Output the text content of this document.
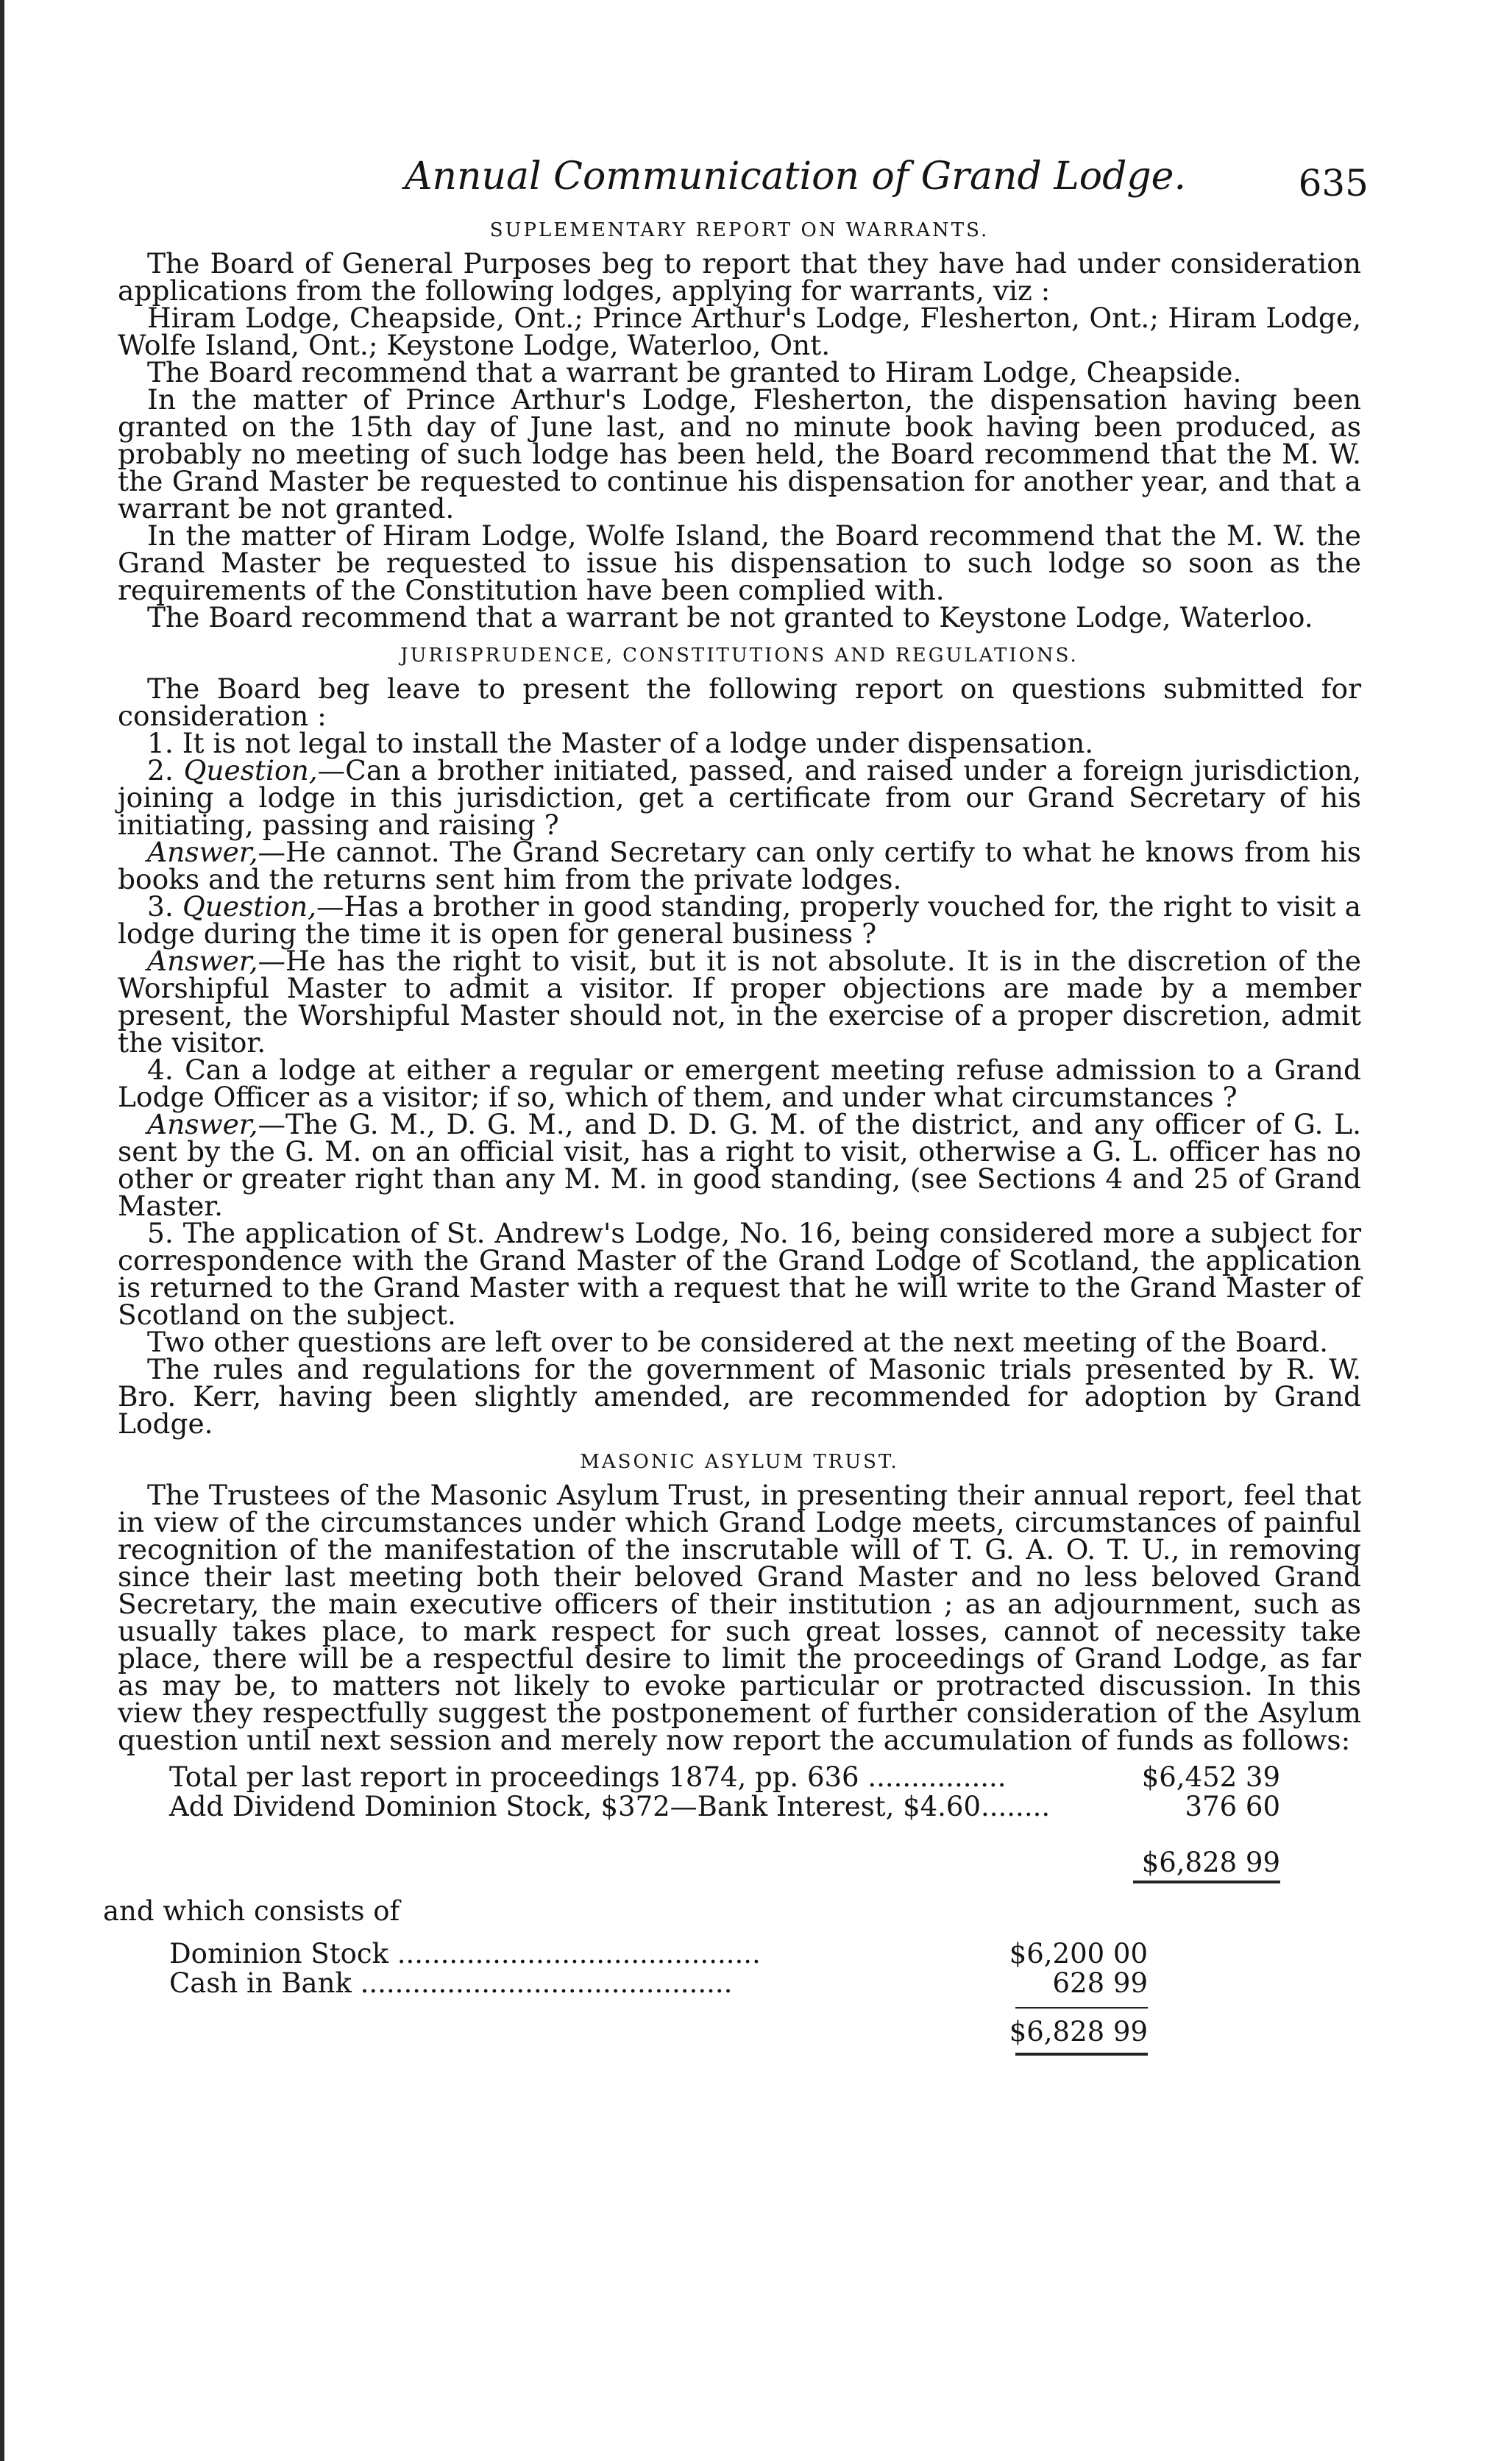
Annual Communication of Grand Lodge.	635
SUPLEMENTARY REPORT ON WARRANTS.

The Board of General Purposes beg to report that they have had under consideration applications from the following lodges, applying for warrants, viz :

Hiram Lodge, Cheapside, Ont.; Prince Arthur's Lodge, Flesherton, Ont.; Hiram Lodge, Wolfe Island, Ont.; Keystone Lodge, Waterloo, Ont.

The Board recommend that a warrant be granted to Hiram Lodge, Cheapside.

In the matter of Prince Arthur's Lodge, Flesherton, the dispensation having been granted on the 15th day of June last, and no minute book having been produced, as probably no meeting of such lodge has been held, the Board recommend that the M. W. the Grand Master be requested to continue his dispensation for another year, and that a warrant be not granted.

In the matter of Hiram Lodge, Wolfe Island, the Board recommend that the M. W. the Grand Master be requested to issue his dispensation to such lodge so soon as the requirements of the Constitution have been complied with.

The Board recommend that a warrant be not granted to Keystone Lodge, Waterloo.

JURISPRUDENCE, CONSTITUTIONS AND REGULATIONS.

The Board beg leave to present the following report on questions submitted for consideration :

1. It is not legal to install the Master of a lodge under dispensation.

2. Question,—Can a brother initiated, passed, and raised under a foreign jurisdiction, joining a lodge in this jurisdiction, get a certificate from our Grand Secretary of his initiating, passing and raising ?

Answer,—He cannot. The Grand Secretary can only certify to what he knows from his books and the returns sent him from the private lodges.

3. Question,—Has a brother in good standing, properly vouched for, the right to visit a lodge during the time it is open for general business ?

Answer,—He has the right to visit, but it is not absolute. It is in the discretion of the Worshipful Master to admit a visitor. If proper objections are made by a member present, the Worshipful Master should not, in the exercise of a proper discretion, admit the visitor.

4. Can a lodge at either a regular or emergent meeting refuse admission to a Grand Lodge Officer as a visitor; if so, which of them, and under what circumstances ?

Answer,—The G. M., D. G. M., and D. D. G. M. of the district, and any officer of G. L. sent by the G. M. on an official visit, has a right to visit, otherwise a G. L. officer has no other or greater right than any M. M. in good standing, (see Sections 4 and 25 of Grand Master.

5. The application of St. Andrew's Lodge, No. 16, being considered more a subject for correspondence with the Grand Master of the Grand Lodge of Scotland, the application is returned to the Grand Master with a request that he will write to the Grand Master of Scotland on the subject.

Two other questions are left over to be considered at the next meeting of the Board.

The rules and regulations for the government of Masonic trials presented by R. W. Bro. Kerr, having been slightly amended, are recommended for adoption by Grand Lodge.

MASONIC ASYLUM TRUST.

The Trustees of the Masonic Asylum Trust, in presenting their annual report, feel that in view of the circumstances under which Grand Lodge meets, circumstances of painful recognition of the manifestation of the inscrutable will of T. G. A. O. T. U., in removing since their last meeting both their beloved Grand Master and no less beloved Grand Secretary, the main executive officers of their institution ; as an adjournment, such as usually takes place, to mark respect for such great losses, cannot of necessity take place, there will be a respectful desire to limit the proceedings of Grand Lodge, as far as may be, to matters not likely to evoke particular or protracted discussion. In this view they respectfully suggest the postponement of further consideration of the Asylum question until next session and merely now report the accumulation of funds as follows:

Total per last report in proceedings 1874, pp. 636 ................	$6,452 39
Add Dividend Dominion Stock, $372—Bank Interest, $4.60........	376 60
$6,828 99
and which consists of
Dominion Stock ..........................................	$6,200 00
Cash in Bank ...........................................	628 99
$6,828 99
